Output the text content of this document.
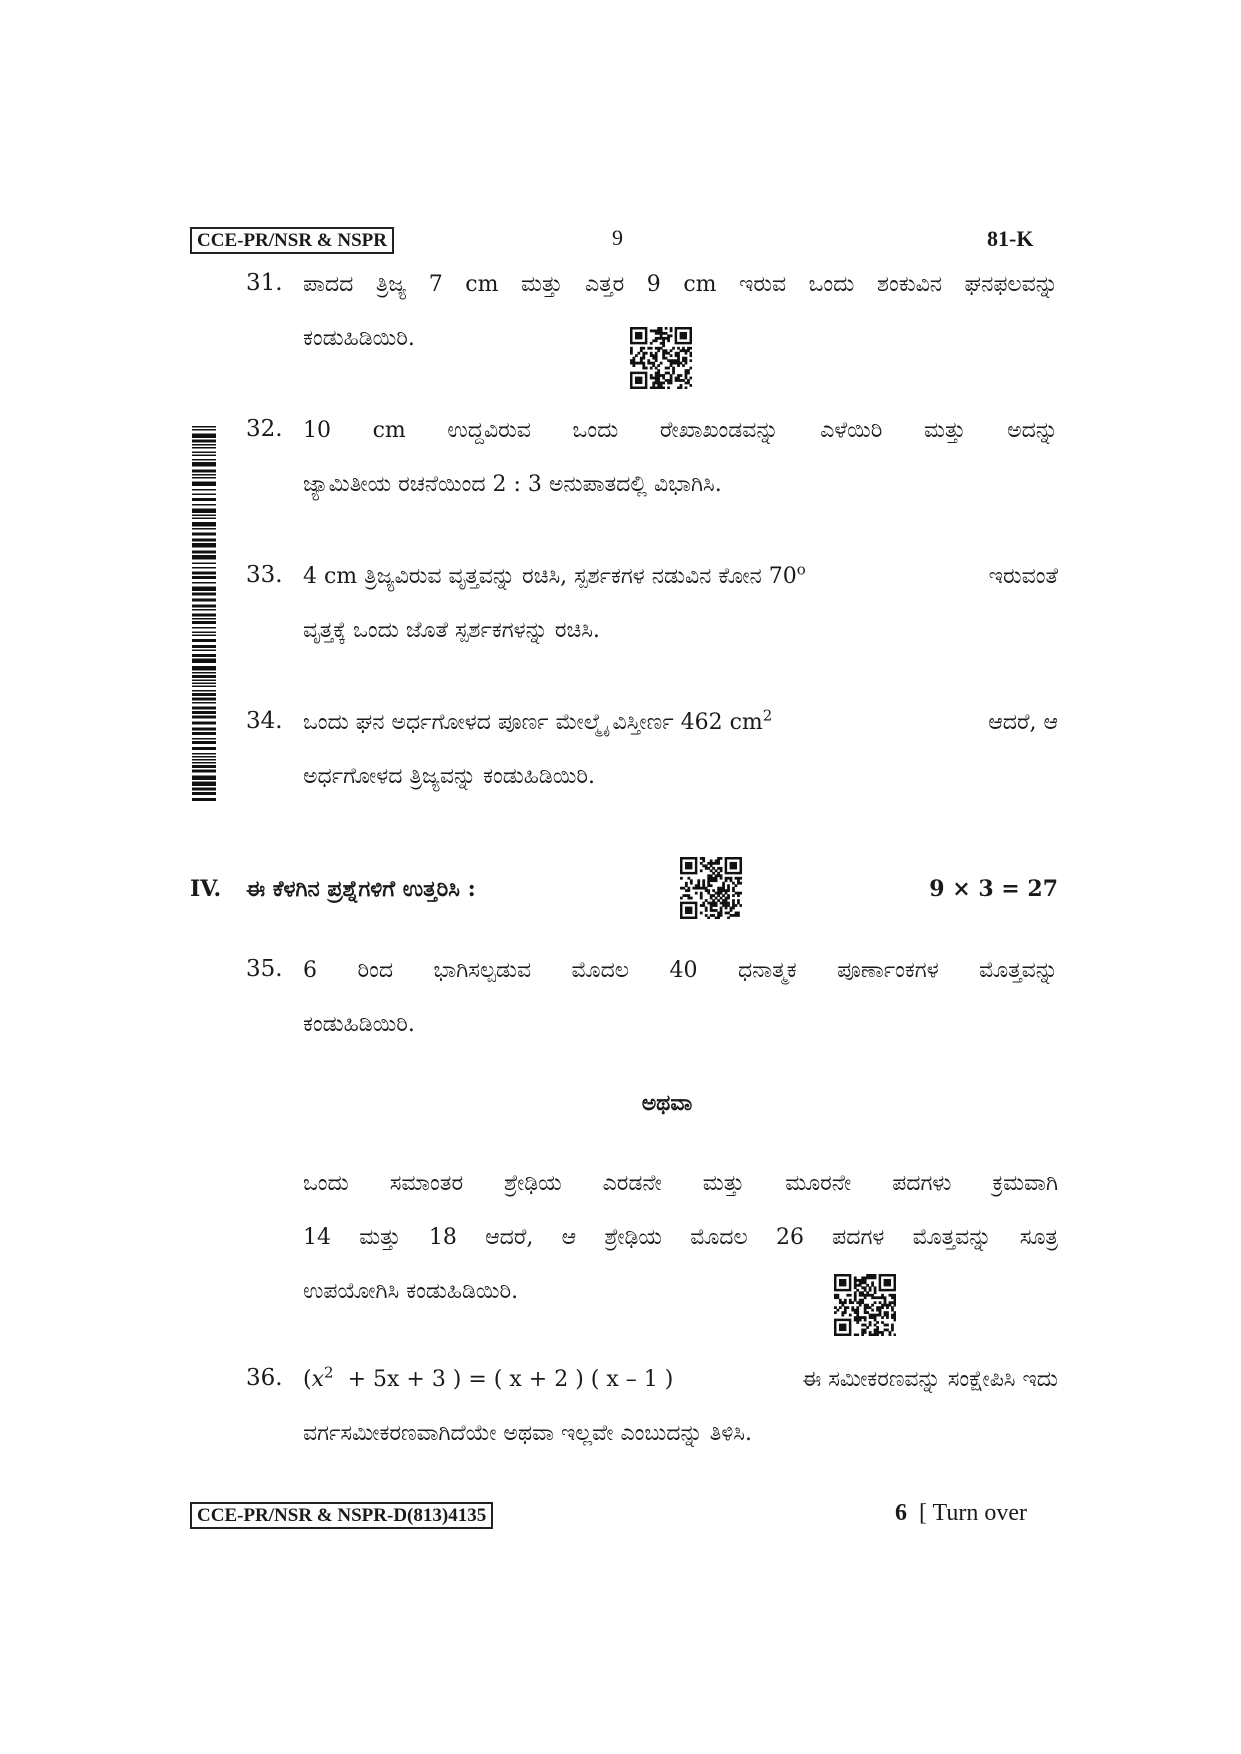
CCE-PR/NSR & NSPR	9	81-K
31. ಪಾದದ ತ್ರಿಜ್ಯ 7 cm ಮತ್ತು ಎತ್ತರ 9 cm ಇರುವ ಒಂದು ಶಂಕುವಿನ ಘನಫಲವನ್ನು
ಕಂಡುಹಿಡಿಯಿರಿ.
32. 10 cm ಉದ್ದವಿರುವ ಒಂದು ರೇಖಾಖಂಡವನ್ನು ಎಳೆಯಿರಿ ಮತ್ತು ಅದನ್ನು
ಜ್ಯಾಮಿತೀಯ ರಚನೆಯಿಂದ 2 : 3 ಅನುಪಾತದಲ್ಲಿ ವಿಭಾಗಿಸಿ.
33. 4 cm ತ್ರಿಜ್ಯವಿರುವ ವೃತ್ತವನ್ನು ರಚಿಸಿ, ಸ್ಪರ್ಶಕಗಳ ನಡುವಿನ ಕೋನ 70$^o$	ಇರುವಂತೆ
ವೃತ್ತಕ್ಕೆ ಒಂದು ಜೊತೆ ಸ್ಪರ್ಶಕಗಳನ್ನು ರಚಿಸಿ.
34. ಒಂದು ಘನ ಅರ್ಧಗೋಳದ ಪೂರ್ಣ ಮೇಲ್ಮೈ ವಿಸ್ತೀರ್ಣ 462 $cm^2$	ಆದರೆ, ಆ
ಅರ್ಧಗೋಳದ ತ್ರಿಜ್ಯವನ್ನು ಕಂಡುಹಿಡಿಯಿರಿ.
IV. ಈ ಕೆಳಗಿನ ಪ್ರಶ್ನೆಗಳಿಗೆ ಉತ್ತರಿಸಿ :	9 × 3 = 27
35. 6 ರಿಂದ ಭಾಗಿಸಲ್ಪಡುವ ಮೊದಲ 40 ಧನಾತ್ಮಕ ಪೂರ್ಣಾಂಕಗಳ ಮೊತ್ತವನ್ನು
ಕಂಡುಹಿಡಿಯಿರಿ.
ಅಥವಾ
ಒಂದು ಸಮಾಂತರ ಶ್ರೇಢಿಯ ಎರಡನೇ ಮತ್ತು ಮೂರನೇ ಪದಗಳು ಕ್ರಮವಾಗಿ
14 ಮತ್ತು 18 ಆದರೆ, ಆ ಶ್ರೇಢಿಯ ಮೊದಲ 26 ಪದಗಳ ಮೊತ್ತವನ್ನು ಸೂತ್ರ
ಉಪಯೋಗಿಸಿ ಕಂಡುಹಿಡಿಯಿರಿ.
36. ($x^2 + 5x + 3$ ) = ( x + 2 ) ( x – 1 )	ಈ ಸಮೀಕರಣವನ್ನು ಸಂಕ್ಷೇಪಿಸಿ ಇದು
ವರ್ಗಸಮೀಕರಣವಾಗಿದೆಯೇ ಅಥವಾ ಇಲ್ಲವೇ ಎಂಬುದನ್ನು ತಿಳಿಸಿ.
CCE-PR/NSR & NSPR-D(813)4135	6 [ Turn over
